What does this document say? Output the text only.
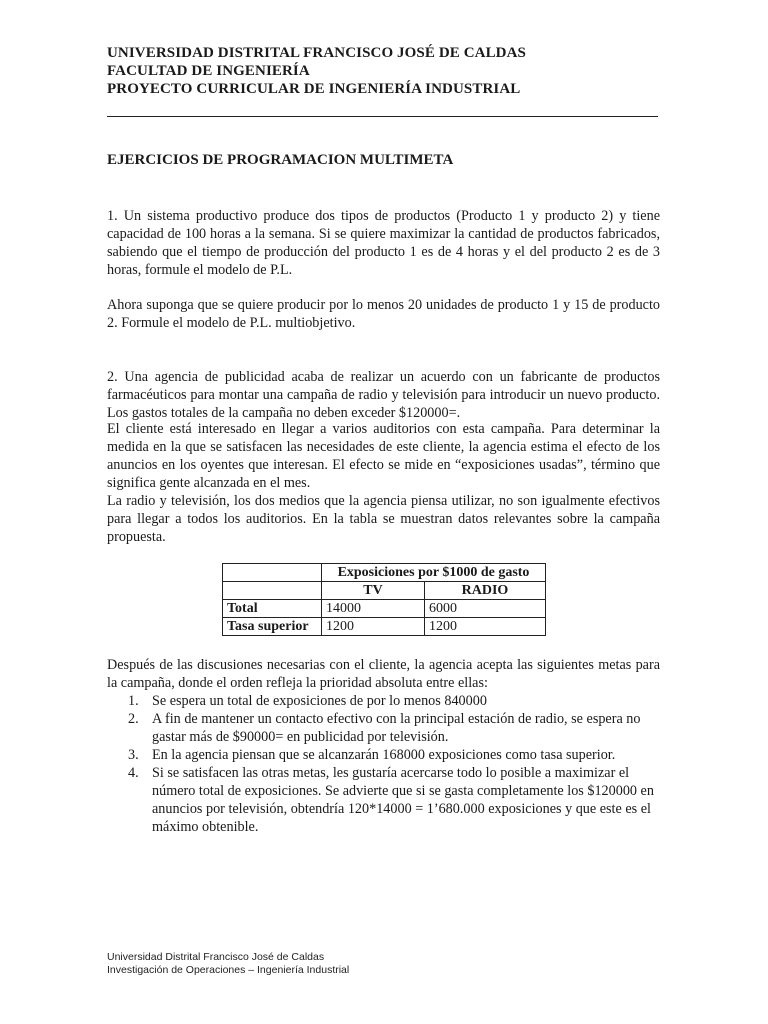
UNIVERSIDAD DISTRITAL FRANCISCO JOSÉ DE CALDAS
FACULTAD DE INGENIERÍA
PROYECTO CURRICULAR DE INGENIERÍA INDUSTRIAL
EJERCICIOS DE PROGRAMACION MULTIMETA
1. Un sistema productivo produce dos tipos de productos (Producto 1 y producto 2) y tiene capacidad de 100 horas a la semana. Si se quiere maximizar la cantidad de productos fabricados, sabiendo que el tiempo de producción del producto 1 es de 4 horas y el del producto 2 es de 3 horas, formule el modelo de P.L.
Ahora suponga que se quiere producir por lo menos 20 unidades de producto 1 y 15 de producto 2. Formule el modelo de P.L. multiobjetivo.
2. Una agencia de publicidad acaba de realizar un acuerdo con un fabricante de productos farmacéuticos para montar una campaña de radio y televisión para introducir un nuevo producto. Los gastos totales de la campaña no deben exceder $120000=.
El cliente está interesado en llegar a varios auditorios con esta campaña. Para determinar la medida en la que se satisfacen las necesidades de este cliente, la agencia estima el efecto de los anuncios en los oyentes que interesan. El efecto se mide en “exposiciones usadas”, término que significa gente alcanzada en el mes.
La radio y televisión, los dos medios que la agencia piensa utilizar, no son igualmente efectivos para llegar a todos los auditorios. En la tabla se muestran datos relevantes sobre la campaña propuesta.
	Exposiciones por $1000 de gasto	
	TV	RADIO
Total	14000	6000
Tasa superior	1200	1200
Después de las discusiones necesarias con el cliente, la agencia acepta las siguientes metas para la campaña, donde el orden refleja la prioridad absoluta entre ellas:
1. Se espera un total de exposiciones de por lo menos 840000
2. A fin de mantener un contacto efectivo con la principal estación de radio, se espera no gastar más de $90000= en publicidad por televisión.
3. En la agencia piensan que se alcanzarán 168000 exposiciones como tasa superior.
4. Si se satisfacen las otras metas, les gustaría acercarse todo lo posible a maximizar el número total de exposiciones. Se advierte que si se gasta completamente los $120000 en anuncios por televisión, obtendría 120*14000 = 1’680.000 exposiciones y que este es el máximo obtenible.
Universidad Distrital Francisco José de Caldas
Investigación de Operaciones – Ingeniería Industrial
